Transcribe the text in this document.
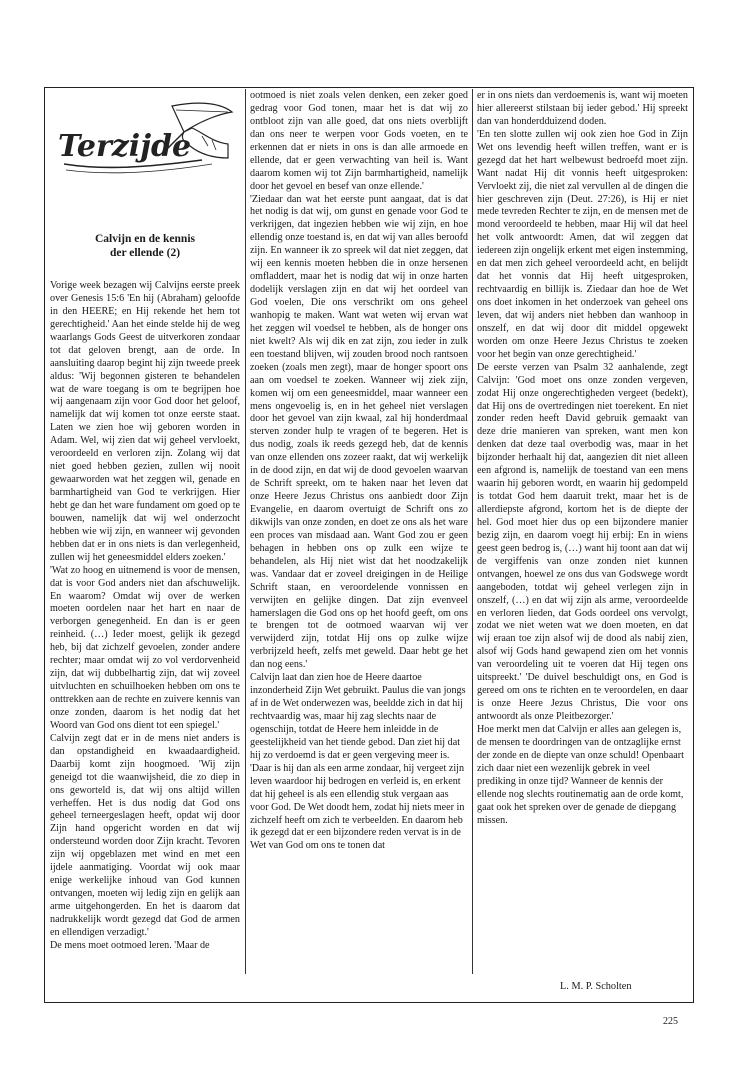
Terzijde
Calvijn en de kennis
der ellende (2)

Vorige week bezagen wij Calvijns eerste preek over Genesis 15:6 'En hij (Abraham) geloofde in den HEERE; en Hij rekende het hem tot gerechtigheid.' Aan het einde stelde hij de weg waarlangs Gods Geest de uitverkoren zondaar tot dat geloven brengt, aan de orde. In aansluiting daarop begint hij zijn tweede preek aldus: 'Wij begonnen gisteren te behandelen wat de ware toegang is om te begrijpen hoe wij aangenaam zijn voor God door het geloof, namelijk dat wij komen tot onze eerste staat. Laten we zien hoe wij geboren worden in Adam. Wel, wij zien dat wij geheel vervloekt, veroordeeld en verloren zijn. Zolang wij dat niet goed hebben gezien, zullen wij nooit gewaarworden wat het zeggen wil, genade en barmhartigheid van God te verkrijgen. Hier hebt ge dan het ware fundament om goed op te bouwen, namelijk dat wij wel onderzocht hebben wie wij zijn, en wanneer wij gevonden hebben dat er in ons niets is dan verlegenheid, zullen wij het geneesmiddel elders zoeken.'

'Wat zo hoog en uitnemend is voor de mensen, dat is voor God anders niet dan afschuwelijk. En waarom? Omdat wij over de werken moeten oordelen naar het hart en naar de verborgen genegenheid. En dan is er geen reinheid. (…) Ieder moest, gelijk ik gezegd heb, bij dat zichzelf gevoelen, zonder andere rechter; maar omdat wij zo vol verdorvenheid zijn, dat wij dubbelhartig zijn, dat wij zoveel uitvluchten en schuilhoeken hebben om ons te onttrekken aan de rechte en zuivere kennis van onze zonden, daarom is het nodig dat het Woord van God ons dient tot een spiegel.'

Calvijn zegt dat er in de mens niet anders is dan opstandigheid en kwaadaardigheid. Daarbij komt zijn hoogmoed. 'Wij zijn geneigd tot die waanwijsheid, die zo diep in ons geworteld is, dat wij ons altijd willen verheffen. Het is dus nodig dat God ons geheel terneergeslagen heeft, opdat wij door Zijn hand opgericht worden en dat wij ondersteund worden door Zijn kracht. Tevoren zijn wij opgeblazen met wind en met een ijdele aanmatiging. Voordat wij ook maar enige werkelijke inhoud van God kunnen ontvangen, moeten wij ledig zijn en gelijk aan arme uitgehongerden. En het is daarom dat nadrukkelijk wordt gezegd dat God de armen en ellendigen verzadigt.'

De mens moet ootmoed leren. 'Maar de

ootmoed is niet zoals velen denken, een zeker goed gedrag voor God tonen, maar het is dat wij zo ontbloot zijn van alle goed, dat ons niets overblijft dan ons neer te werpen voor Gods voeten, en te erkennen dat er niets in ons is dan alle armoede en ellende, dat er geen verwachting van heil is. Want daarom komen wij tot Zijn barmhartigheid, namelijk door het gevoel en besef van onze ellende.'

'Ziedaar dan wat het eerste punt aangaat, dat is dat het nodig is dat wij, om gunst en genade voor God te verkrijgen, dat ingezien hebben wie wij zijn, en hoe ellendig onze toestand is, en dat wij van alles beroofd zijn. En wanneer ik zo spreek wil dat niet zeggen, dat wij een kennis moeten hebben die in onze hersenen omfladdert, maar het is nodig dat wij in onze harten dodelijk verslagen zijn en dat wij het oordeel van God voelen, Die ons verschrikt om ons geheel wanhopig te maken. Want wat weten wij ervan wat het zeggen wil voedsel te hebben, als de honger ons niet kwelt? Als wij dik en zat zijn, zou ieder in zulk een toestand blijven, wij zouden brood noch rantsoen zoeken (zoals men zegt), maar de honger spoort ons aan om voedsel te zoeken. Wanneer wij ziek zijn, komen wij om een geneesmiddel, maar wanneer een mens ongevoelig is, en in het geheel niet verslagen door het gevoel van zijn kwaal, zal hij honderdmaal sterven zonder hulp te vragen of te begeren. Het is dus nodig, zoals ik reeds gezegd heb, dat de kennis van onze ellenden ons zozeer raakt, dat wij werkelijk in de dood zijn, en dat wij de dood gevoelen waarvan de Schrift spreekt, om te haken naar het leven dat onze Heere Jezus Christus ons aanbiedt door Zijn Evangelie, en daarom overtuigt de Schrift ons zo dikwijls van onze zonden, en doet ze ons als het ware een proces van misdaad aan. Want God zou er geen behagen in hebben ons op zulk een wijze te behandelen, als Hij niet wist dat het noodzakelijk was. Vandaar dat er zoveel dreigingen in de Heilige Schrift staan, en veroordelende vonnissen en verwijten en gelijke dingen. Dat zijn evenveel hamerslagen die God ons op het hoofd geeft, om ons te brengen tot de ootmoed waarvan wij ver verwijderd zijn, totdat Hij ons op zulke wijze verbrijzeld heeft, zelfs met geweld. Daar hebt ge het dan nog eens.'

Calvijn laat dan zien hoe de Heere daartoe inzonderheid Zijn Wet gebruikt. Paulus die van jongs af in de Wet onderwezen was, beeldde zich in dat hij rechtvaardig was, maar hij zag slechts naar de ogenschijn, totdat de Heere hem inleidde in de geestelijkheid van het tiende gebod. Dan ziet hij dat hij zo verdoemd is dat er geen vergeving meer is. 'Daar is hij dan als een arme zondaar, hij vergeet zijn leven waardoor hij bedrogen en verleid is, en erkent dat hij geheel is als een ellendig stuk vergaan aas voor God. De Wet doodt hem, zodat hij niets meer in zichzelf heeft om zich te verbeelden. En daarom heb ik gezegd dat er een bijzondere reden vervat is in de Wet van God om ons te tonen dat

er in ons niets dan verdoemenis is, want wij moeten hier allereerst stilstaan bij ieder gebod.' Hij spreekt dan van honderdduizend doden.

'En ten slotte zullen wij ook zien hoe God in Zijn Wet ons levendig heeft willen treffen, want er is gezegd dat het hart welbewust bedroefd moet zijn. Want nadat Hij dit vonnis heeft uitgesproken: Vervloekt zij, die niet zal vervullen al de dingen die hier geschreven zijn (Deut. 27:26), is Hij er niet mede tevreden Rechter te zijn, en de mensen met de mond veroordeeld te hebben, maar Hij wil dat heel het volk antwoordt: Amen, dat wil zeggen dat iedereen zijn ongelijk erkent met eigen instemming, en dat men zich geheel veroordeeld acht, en belijdt dat het vonnis dat Hij heeft uitgesproken, rechtvaardig en billijk is. Ziedaar dan hoe de Wet ons doet inkomen in het onderzoek van geheel ons leven, dat wij anders niet hebben dan wanhoop in onszelf, en dat wij door dit middel opgewekt worden om onze Heere Jezus Christus te zoeken voor het begin van onze gerechtigheid.'

De eerste verzen van Psalm 32 aanhalende, zegt Calvijn: 'God moet ons onze zonden vergeven, zodat Hij onze ongerechtigheden vergeet (bedekt), dat Hij ons de overtredingen niet toerekent. En niet zonder reden heeft David gebruik gemaakt van deze drie manieren van spreken, want men kon denken dat deze taal overbodig was, maar in het bijzonder herhaalt hij dat, aangezien dit niet alleen een afgrond is, namelijk de toestand van een mens waarin hij geboren wordt, en waarin hij gedompeld is totdat God hem daaruit trekt, maar het is de allerdiepste afgrond, kortom het is de diepte der hel. God moet hier dus op een bijzondere manier bezig zijn, en daarom voegt hij erbij: En in wiens geest geen bedrog is, (…) want hij toont aan dat wij de vergiffenis van onze zonden niet kunnen ontvangen, hoewel ze ons dus van Godswege wordt aangeboden, totdat wij geheel verlegen zijn in onszelf, (…) en dat wij zijn als arme, veroordeelde en verloren lieden, dat Gods oordeel ons vervolgt, zodat we niet weten wat we doen moeten, en dat wij eraan toe zijn alsof wij de dood als nabij zien, alsof wij Gods hand gewapend zien om het vonnis van veroordeling uit te voeren dat Hij tegen ons uitspreekt.' 'De duivel beschuldigt ons, en God is gereed om ons te richten en te veroordelen, en daar is onze Heere Jezus Christus, Die voor ons antwoordt als onze Pleitbezorger.'

Hoe merkt men dat Calvijn er alles aan gelegen is, de mensen te doordringen van de ontzaglijke ernst der zonde en de diepte van onze schuld! Openbaart zich daar niet een wezenlijk gebrek in veel prediking in onze tijd? Wanneer de kennis der ellende nog slechts routinematig aan de orde komt, gaat ook het spreken over de genade de diepgang missen.

L. M. P. Scholten
225
